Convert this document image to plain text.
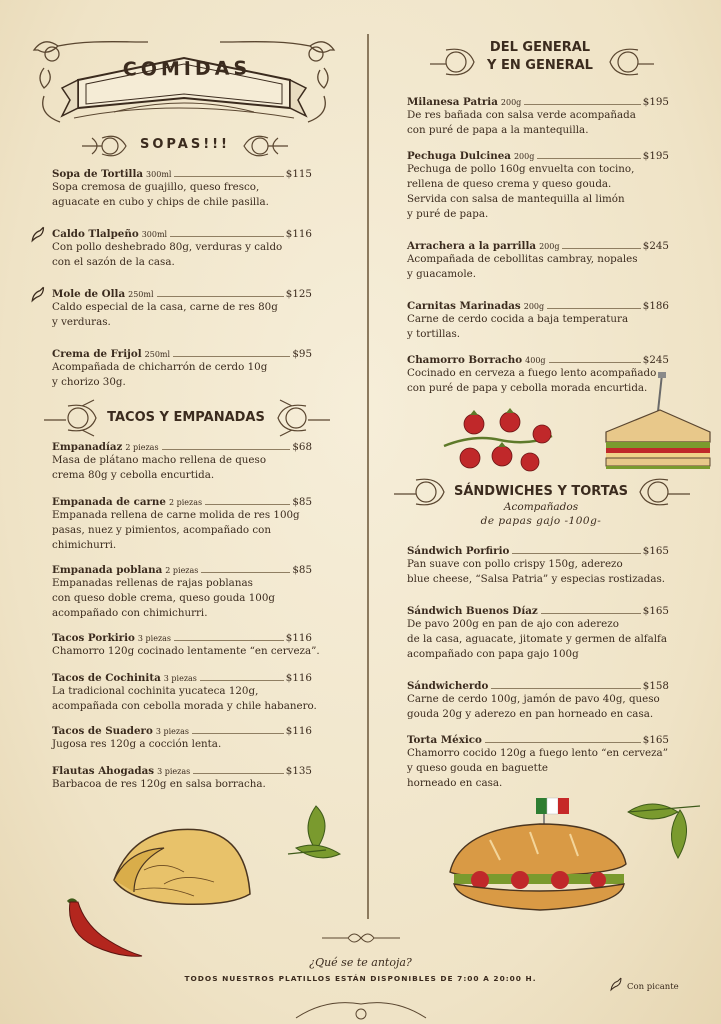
COMIDAS
SOPAS!!!
TACOS Y EMPANADAS
DEL GENERAL
Y EN GENERAL
SÁNDWICHES Y TORTAS
Acompañados
de papas gajo -100g-
Sopa de Tortilla 300ml	$115
Sopa cremosa de guajillo, queso fresco,
aguacate en cubo y chips de chile pasilla.
Caldo Tlalpeño 300ml	$116
Con pollo deshebrado 80g, verduras y caldo
con el sazón de la casa.
Mole de Olla 250ml	$125
Caldo especial de la casa, carne de res 80g
y verduras.
Crema de Frijol 250ml	$95
Acompañada de chicharrón de cerdo 10g
y chorizo 30g.
Empanadíaz 2 piezas	$68
Masa de plátano macho rellena de queso
crema 80g y cebolla encurtida.
Empanada de carne 2 piezas	$85
Empanada rellena de carne molida de res 100g
pasas, nuez y pimientos, acompañado con
chimichurri.
Empanada poblana 2 piezas	$85
Empanadas rellenas de rajas poblanas
con queso doble crema, queso gouda 100g
acompañado con chimichurri.
Tacos Porkirio 3 piezas	$116
Chamorro 120g cocinado lentamente “en cerveza”.
Tacos de Cochinita 3 piezas	$116
La tradicional cochinita yucateca 120g,
acompañada con cebolla morada y chile habanero.
Tacos de Suadero 3 piezas	$116
Jugosa res 120g a cocción lenta.
Flautas Ahogadas 3 piezas	$135
Barbacoa de res 120g en salsa borracha.
Milanesa Patria 200g	$195
De res bañada con salsa verde acompañada
con puré de papa a la mantequilla.
Pechuga Dulcinea 200g	$195
Pechuga de pollo 160g envuelta con tocino,
rellena de queso crema y queso gouda.
Servida con salsa de mantequilla al limón
y puré de papa.
Arrachera a la parrilla 200g	$245
Acompañada de cebollitas cambray, nopales
y guacamole.
Carnitas Marinadas 200g	$186
Carne de cerdo cocida a baja temperatura
y tortillas.
Chamorro Borracho 400g	$245
Cocinado en cerveza a fuego lento acompañado
con puré de papa y cebolla morada encurtida.
Sándwich Porfirio	$165
Pan suave con pollo crispy 150g, aderezo
blue cheese, “Salsa Patria” y especias rostizadas.
Sándwich Buenos Díaz	$165
De pavo 200g en pan de ajo con aderezo
de la casa, aguacate, jitomate y germen de alfalfa
acompañado con papa gajo 100g
Sándwicherdo	$158
Carne de cerdo 100g, jamón de pavo 40g, queso
gouda 20g y aderezo en pan horneado en casa.
Torta México	$165
Chamorro cocido 120g a fuego lento “en cerveza”
y queso gouda en baguette
horneado en casa.
¿Qué se te antoja?
TODOS NUESTROS PLATILLOS ESTÁN DISPONIBLES DE 7:00 A 20:00 H.
Con picante
